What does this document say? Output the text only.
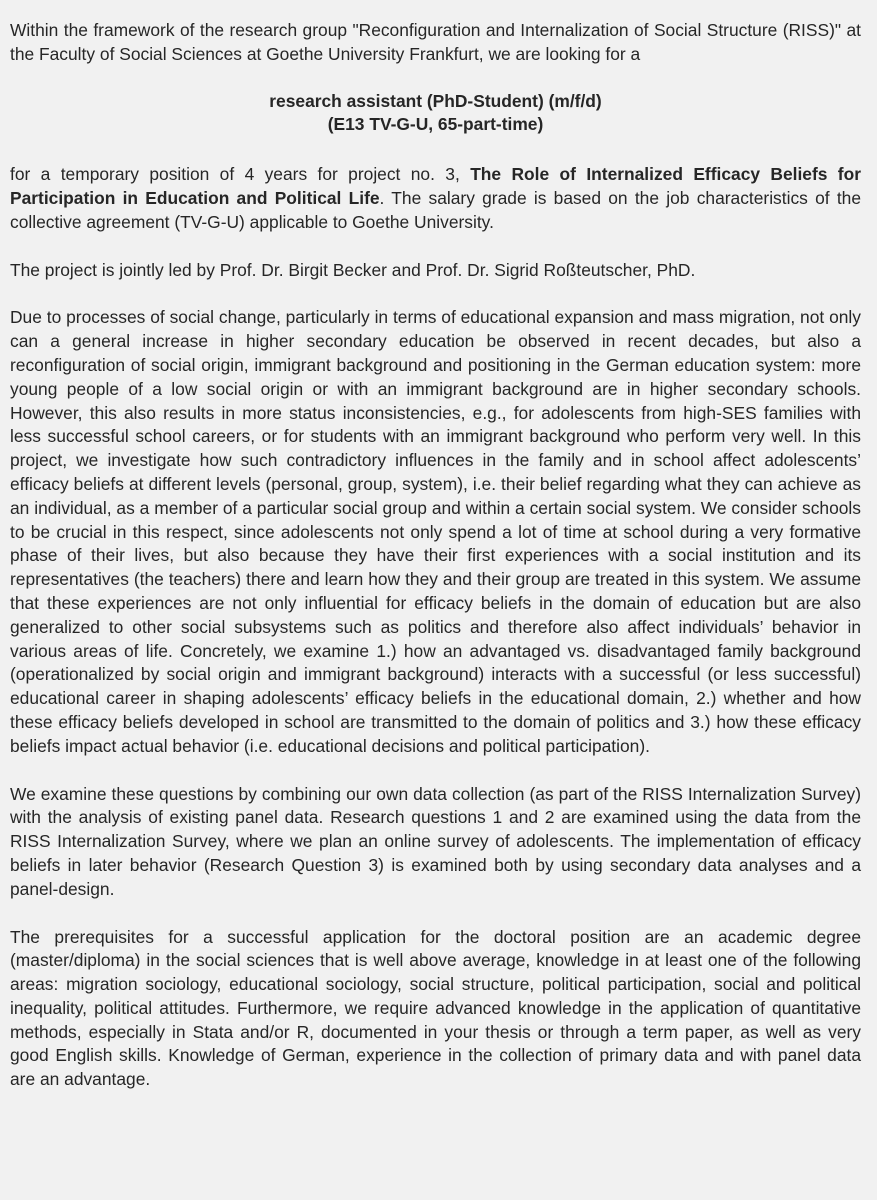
Within the framework of the research group "Reconfiguration and Internalization of Social Structure (RISS)" at the Faculty of Social Sciences at Goethe University Frankfurt, we are looking for a

research assistant (PhD-Student) (m/f/d)
(E13 TV-G-U, 65-part-time)

for a temporary position of 4 years for project no. 3, The Role of Internalized Efficacy Beliefs for Participation in Education and Political Life. The salary grade is based on the job characteristics of the collective agreement (TV-G-U) applicable to Goethe University.

The project is jointly led by Prof. Dr. Birgit Becker and Prof. Dr. Sigrid Roßteutscher, PhD.

Due to processes of social change, particularly in terms of educational expansion and mass migration, not only can a general increase in higher secondary education be observed in recent decades, but also a reconfiguration of social origin, immigrant background and positioning in the German education system: more young people of a low social origin or with an immigrant background are in higher secondary schools. However, this also results in more status inconsistencies, e.g., for adolescents from high-SES families with less successful school careers, or for students with an immigrant background who perform very well. In this project, we investigate how such contradictory influences in the family and in school affect adolescents’ efficacy beliefs at different levels (personal, group, system), i.e. their belief regarding what they can achieve as an individual, as a member of a particular social group and within a certain social system. We consider schools to be crucial in this respect, since adolescents not only spend a lot of time at school during a very formative phase of their lives, but also because they have their first experiences with a social institution and its representatives (the teachers) there and learn how they and their group are treated in this system. We assume that these experiences are not only influential for efficacy beliefs in the domain of education but are also generalized to other social subsystems such as politics and therefore also affect individuals’ behavior in various areas of life. Concretely, we examine 1.) how an advantaged vs. disadvantaged family background (operationalized by social origin and immigrant background) interacts with a successful (or less successful) educational career in shaping adolescents’ efficacy beliefs in the educational domain, 2.) whether and how these efficacy beliefs developed in school are transmitted to the domain of politics and 3.) how these efficacy beliefs impact actual behavior (i.e. educational decisions and political participation).

We examine these questions by combining our own data collection (as part of the RISS Internalization Survey) with the analysis of existing panel data. Research questions 1 and 2 are examined using the data from the RISS Internalization Survey, where we plan an online survey of adolescents. The implementation of efficacy beliefs in later behavior (Research Question 3) is examined both by using secondary data analyses and a panel-design.

The prerequisites for a successful application for the doctoral position are an academic degree (master/diploma) in the social sciences that is well above average, knowledge in at least one of the following areas: migration sociology, educational sociology, social structure, political participation, social and political inequality, political attitudes. Furthermore, we require advanced knowledge in the application of quantitative methods, especially in Stata and/or R, documented in your thesis or through a term paper, as well as very good English skills. Knowledge of German, experience in the collection of primary data and with panel data are an advantage.
